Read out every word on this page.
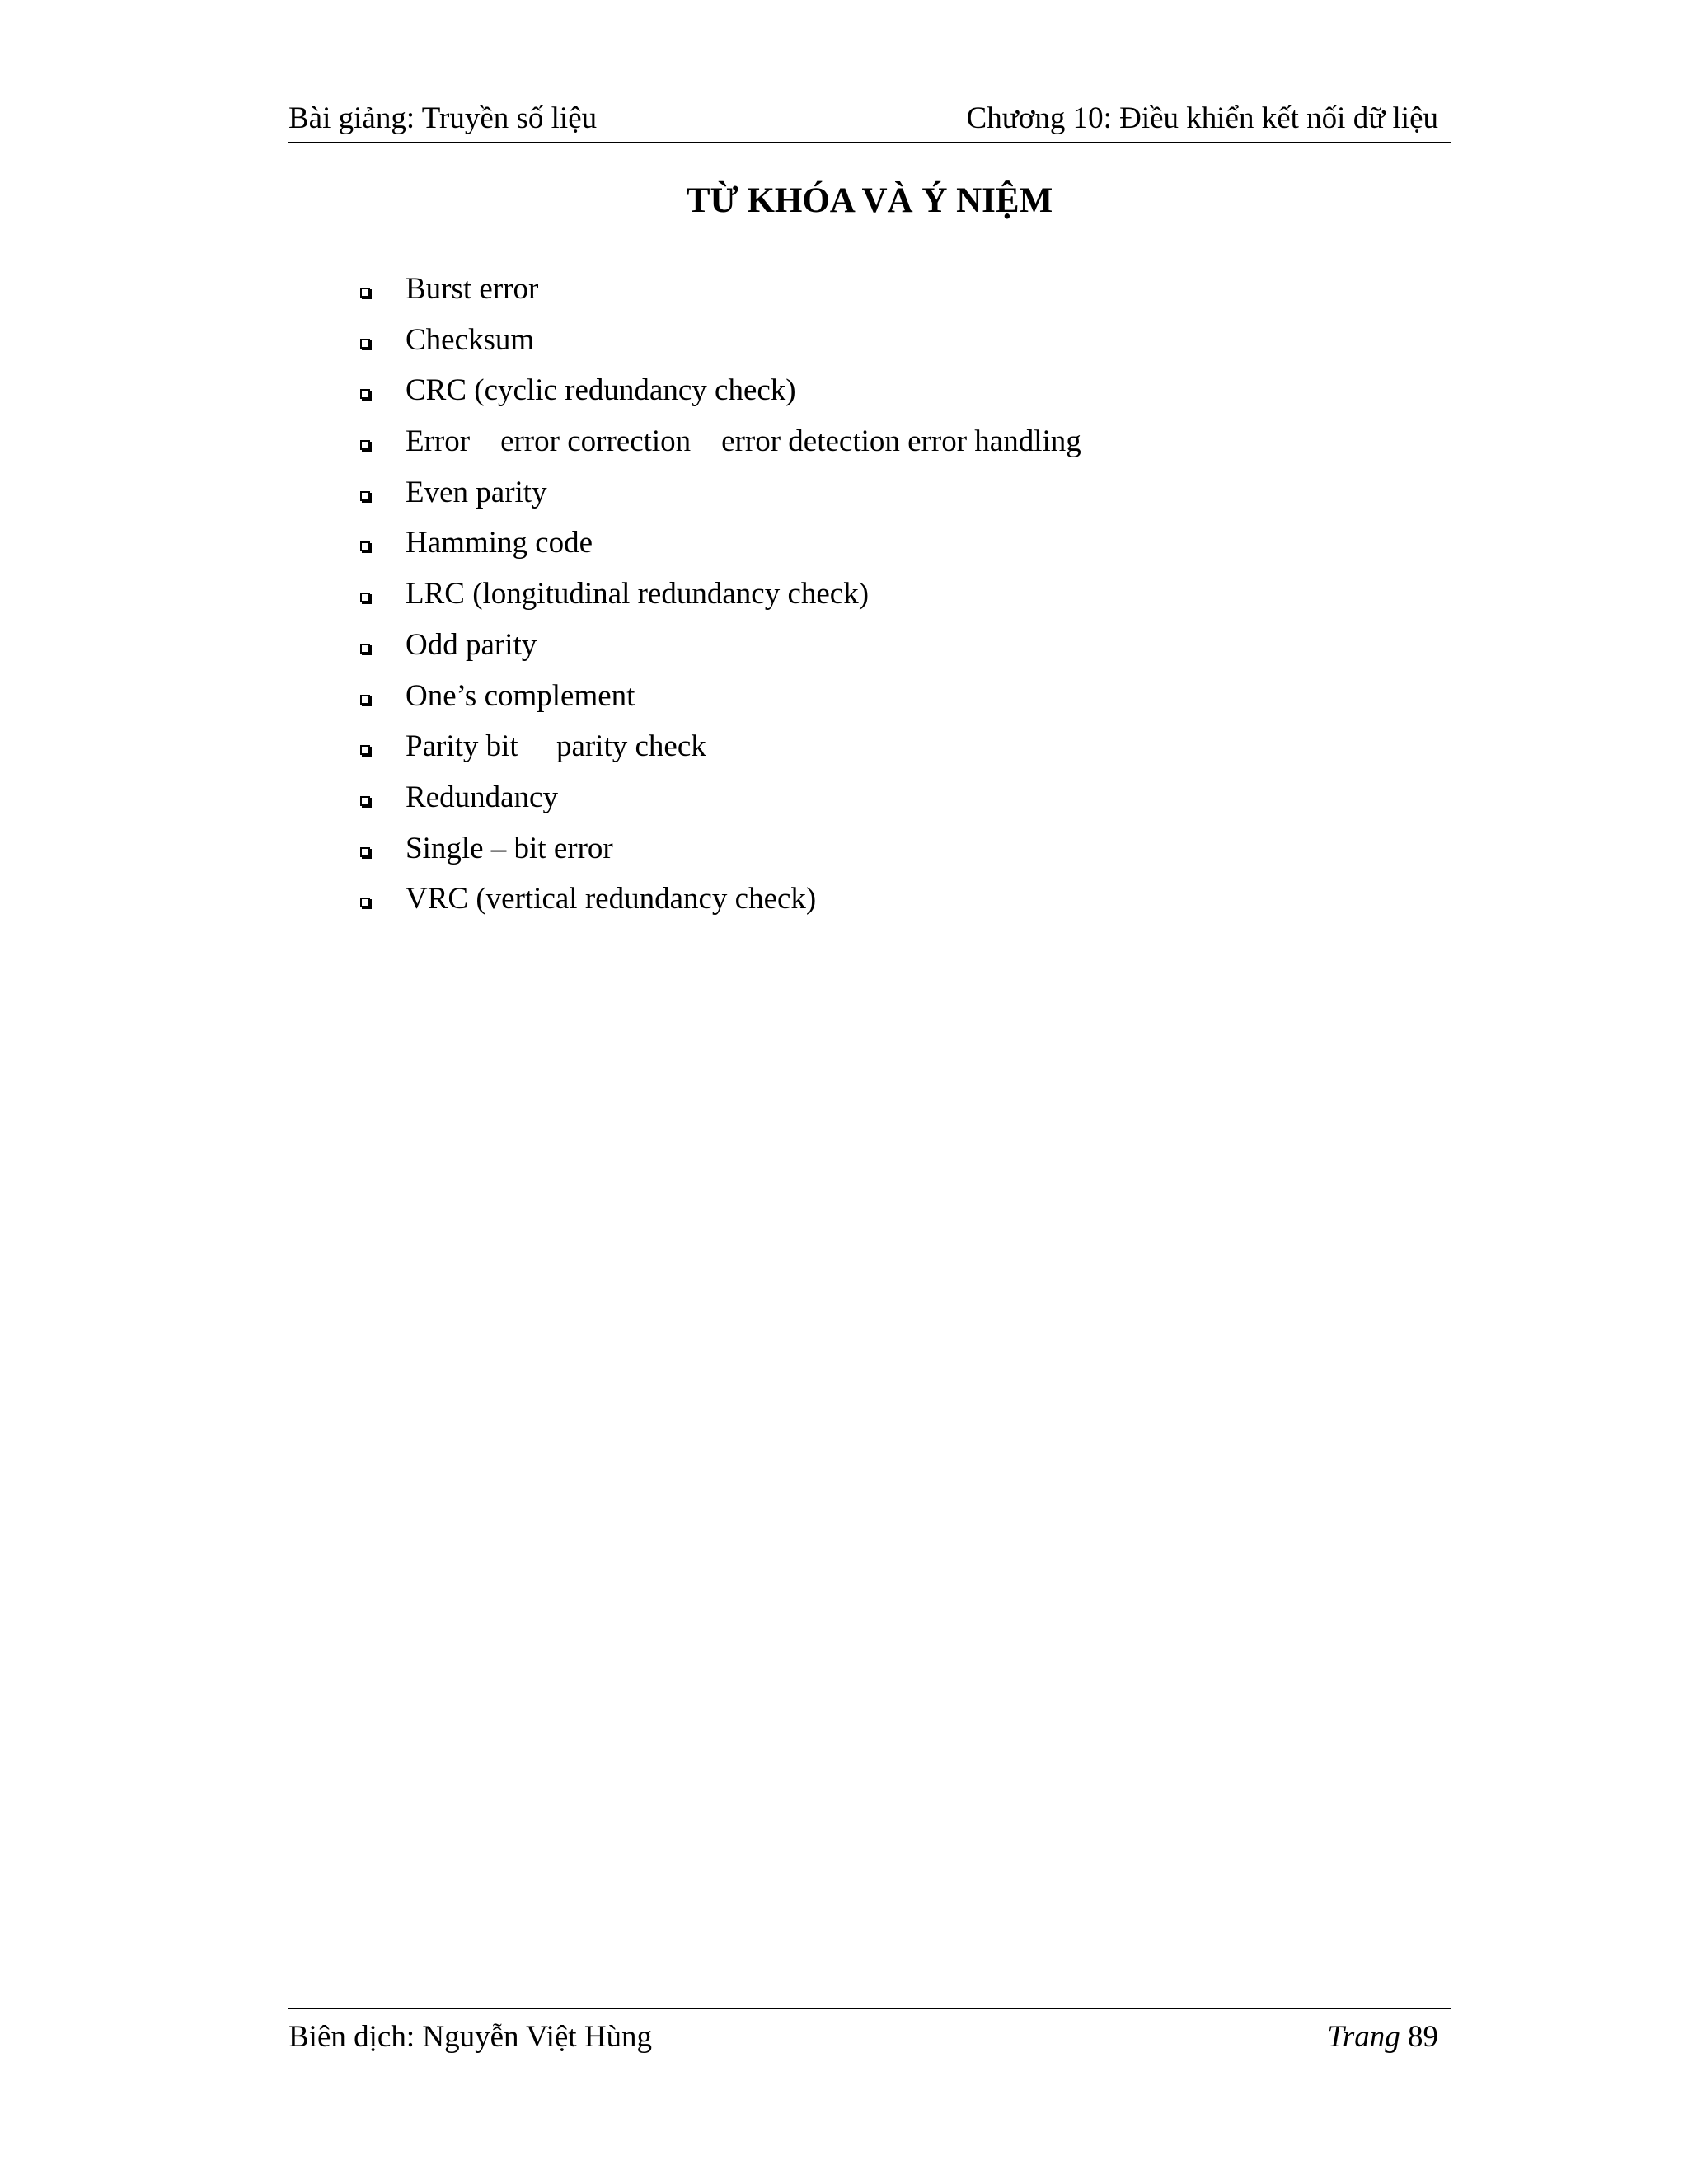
Bài giảng: Truyền số liệu	Chương 10: Điều khiển kết nối dữ liệu
TỪ KHÓA VÀ Ý NIỆM
Burst error
Checksum
CRC (cyclic redundancy check)
Error    error correction    error detection error handling
Even parity
Hamming code
LRC (longitudinal redundancy check)
Odd parity
One’s complement
Parity bit     parity check
Redundancy
Single – bit error
VRC (vertical redundancy check)
Biên dịch: Nguyễn Việt Hùng	Trang 89
